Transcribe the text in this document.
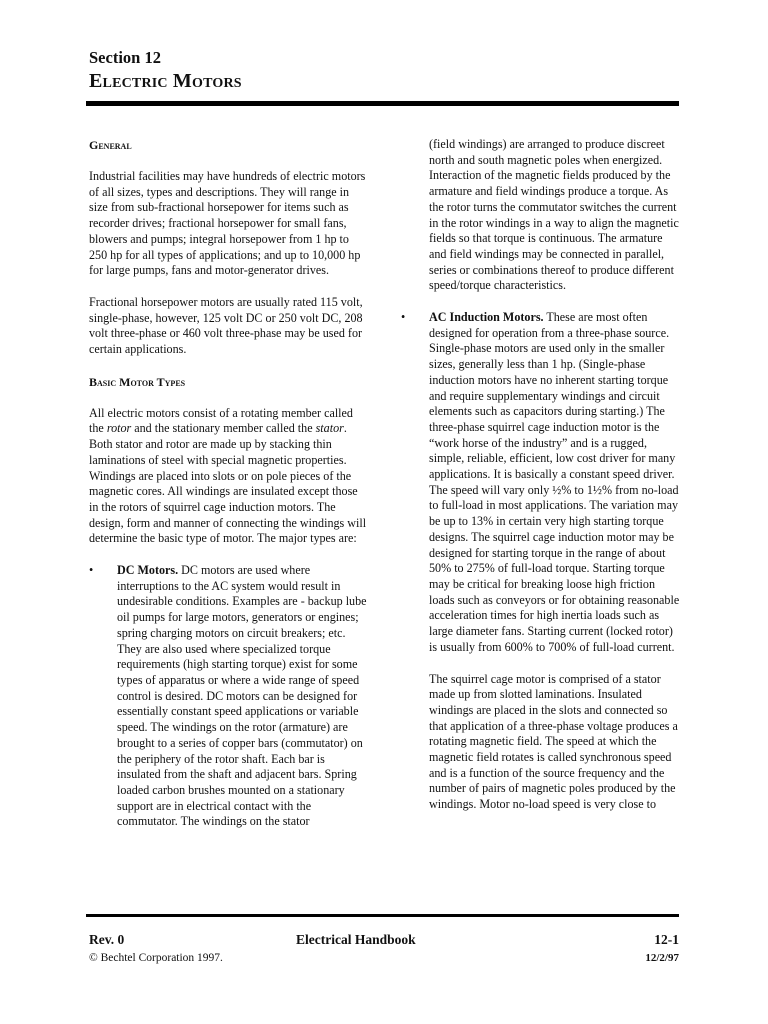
Section 12
Electric Motors
General

Industrial facilities may have hundreds of electric motors of all sizes, types and descriptions. They will range in size from sub-fractional horsepower for items such as recorder drives; fractional horsepower for small fans, blowers and pumps; integral horsepower from 1 hp to 250 hp for all types of applications; and up to 10,000 hp for large pumps, fans and motor-generator drives.

Fractional horsepower motors are usually rated 115 volt, single-phase, however, 125 volt DC or 250 volt DC, 208 volt three-phase or 460 volt three-phase may be used for certain applications.

Basic Motor Types

All electric motors consist of a rotating member called the rotor and the stationary member called the stator. Both stator and rotor are made up by stacking thin laminations of steel with special magnetic properties. Windings are placed into slots or on pole pieces of the magnetic cores. All windings are insulated except those in the rotors of squirrel cage induction motors. The design, form and manner of connecting the windings will determine the basic type of motor. The major types are:

• DC Motors. DC motors are used where interruptions to the AC system would result in undesirable conditions. Examples are - backup lube oil pumps for large motors, generators or engines; spring charging motors on circuit breakers; etc. They are also used where specialized torque requirements (high starting torque) exist for some types of apparatus or where a wide range of speed control is desired. DC motors can be designed for essentially constant speed applications or variable speed. The windings on the rotor (armature) are brought to a series of copper bars (commutator) on the periphery of the rotor shaft. Each bar is insulated from the shaft and adjacent bars. Spring loaded carbon brushes mounted on a stationary support are in electrical contact with the commutator. The windings on the stator

(field windings) are arranged to produce discreet north and south magnetic poles when energized. Interaction of the magnetic fields produced by the armature and field windings produce a torque. As the rotor turns the commutator switches the current in the rotor windings in a way to align the magnetic fields so that torque is continuous. The armature and field windings may be connected in parallel, series or combinations thereof to produce different speed/torque characteristics.

• AC Induction Motors. These are most often designed for operation from a three-phase source. Single-phase motors are used only in the smaller sizes, generally less than 1 hp. (Single-phase induction motors have no inherent starting torque and require supplementary windings and circuit elements such as capacitors during starting.) The three-phase squirrel cage induction motor is the “work horse of the industry” and is a rugged, simple, reliable, efficient, low cost driver for many applications. It is basically a constant speed driver. The speed will vary only ½% to 1½% from no-load to full-load in most applications. The variation may be up to 13% in certain very high starting torque designs. The squirrel cage induction motor may be designed for starting torque in the range of about 50% to 275% of full-load torque. Starting torque may be critical for breaking loose high friction loads such as conveyors or for obtaining reasonable acceleration times for high inertia loads such as large diameter fans. Starting current (locked rotor) is usually from 600% to 700% of full-load current.

The squirrel cage motor is comprised of a stator made up from slotted laminations. Insulated windings are placed in the slots and connected so that application of a three-phase voltage produces a rotating magnetic field. The speed at which the magnetic field rotates is called synchronous speed and is a function of the source frequency and the number of pairs of magnetic poles produced by the windings. Motor no-load speed is very close to

Rev. 0
© Bechtel Corporation 1997.
Electrical Handbook	12-1
12/2/97
